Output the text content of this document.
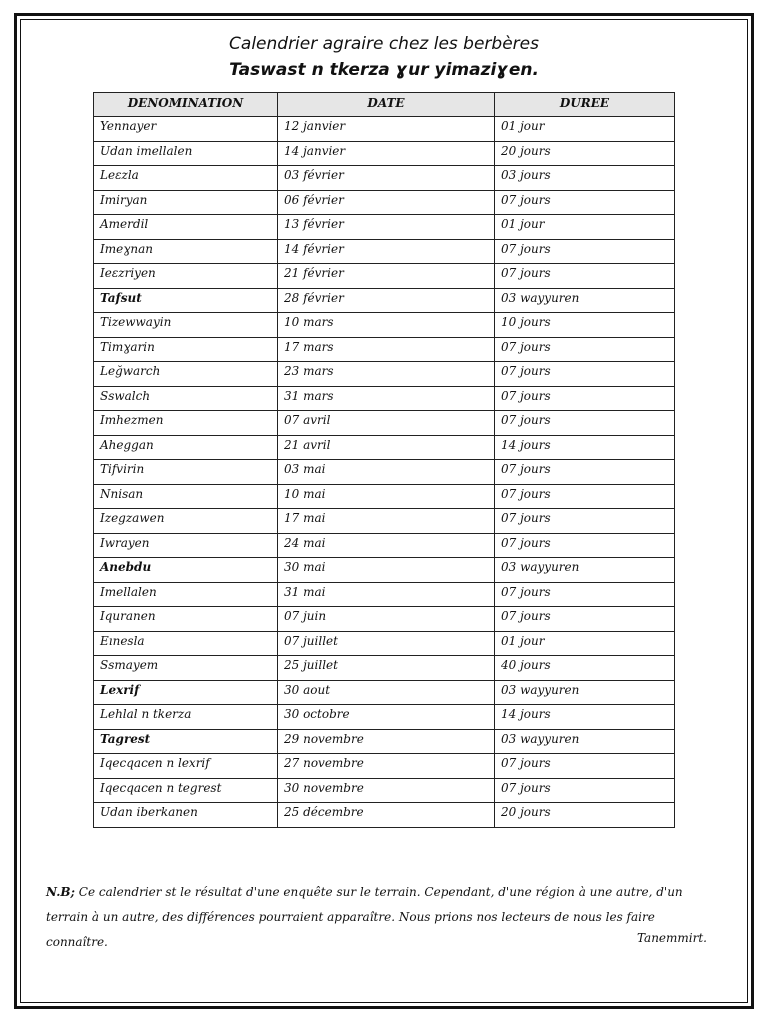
Calendrier agraire chez les berbères
Taswast n tkerza ɣur yimaziɣen.
DENOMINATION	DATE	DUREE
Yennayer	12 janvier	01 jour
Udan imellalen	14 janvier	20 jours
Leɛzla	03 février	03 jours
Imiryan	06 février	07 jours
Amerdil	13 février	01 jour
Imeɣnan	14 février	07 jours
Ieɛzriyen	21 février	07 jours
Tafsut	28 février	03 wayyuren
Tizewwayin	10 mars	10 jours
Timɣarin	17 mars	07 jours
Leğwarch	23 mars	07 jours
Sswalch	31 mars	07 jours
Imhezmen	07 avril	07 jours
Aheggan	21 avril	14 jours
Tifvirin	03 mai	07 jours
Nnisan	10 mai	07 jours
Izegzawen	17 mai	07 jours
Iwrayen	24 mai	07 jours
Anebdu	30 mai	03 wayyuren
Imellalen	31 mai	07 jours
Iquranen	07 juin	07 jours
Eınesla	07 juillet	01 jour
Ssmayem	25 juillet	40 jours
Lexrif	30 aout	03 wayyuren
Lehlal n tkerza	30 octobre	14 jours
Tagrest	29 novembre	03 wayyuren
Iqecqacen n lexrif	27 novembre	07 jours
Iqecqacen n tegrest	30 novembre	07 jours
Udan iberkanen	25 décembre	20 jours
N.B; Ce calendrier st le résultat d'une enquête sur le terrain. Cependant, d'une région à une autre, d'un terrain à un autre, des différences pourraient apparaître. Nous prions nos lecteurs de nous les faire connaître.	Tanemmirt.
